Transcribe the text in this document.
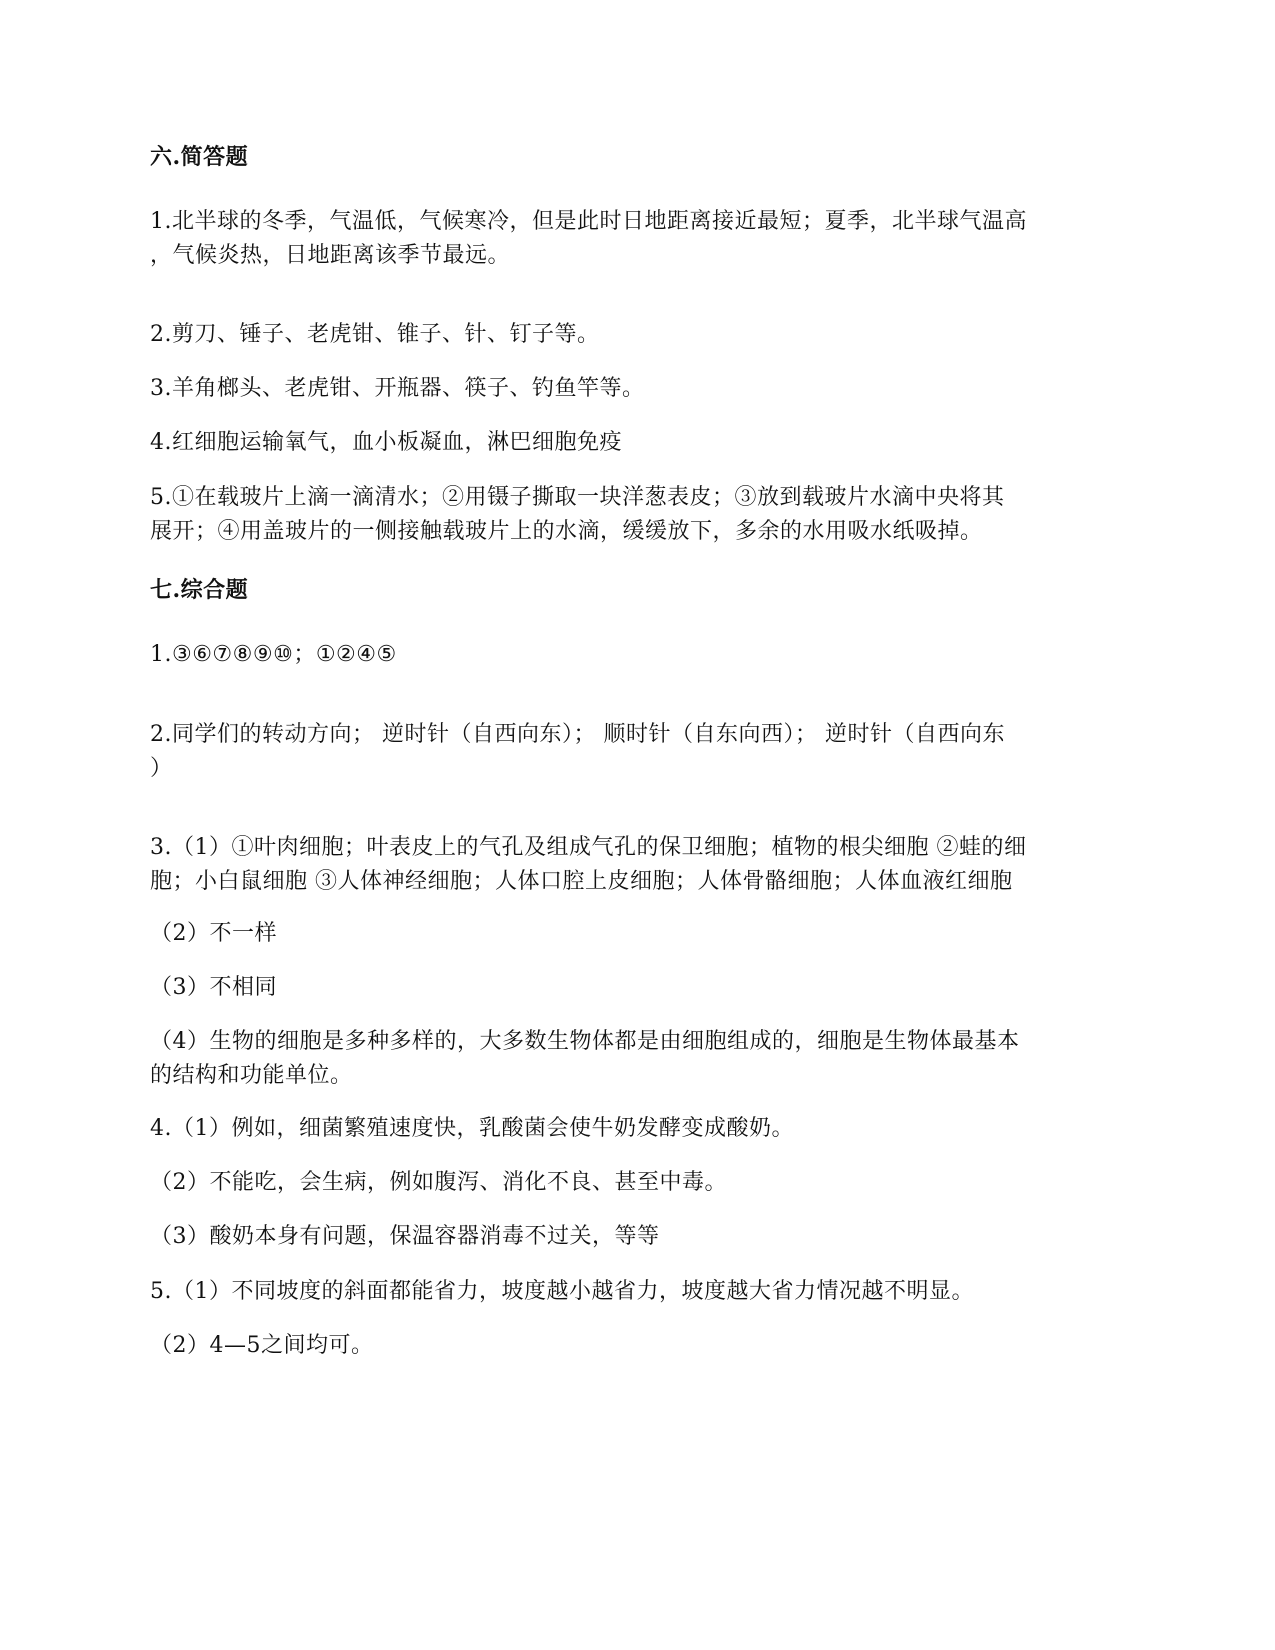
六.简答题
1.北半球的冬季，气温低，气候寒冷，但是此时日地距离接近最短；夏季，北半球气温高
，气候炎热，日地距离该季节最远。
2.剪刀、锤子、老虎钳、锥子、针、钉子等。
3.羊角榔头、老虎钳、开瓶器、筷子、钓鱼竿等。
4.红细胞运输氧气，血小板凝血，淋巴细胞免疫
5.①在载玻片上滴一滴清水；②用镊子撕取一块洋葱表皮；③放到载玻片水滴中央将其
展开；④用盖玻片的一侧接触载玻片上的水滴，缓缓放下，多余的水用吸水纸吸掉。
七.综合题
1.③⑥⑦⑧⑨⑩；①②④⑤
2.同学们的转动方向； 逆时针（自西向东）； 顺时针（自东向西）； 逆时针（自西向东
）
3.（1）①叶肉细胞；叶表皮上的气孔及组成气孔的保卫细胞；植物的根尖细胞 ②蛙的细
胞；小白鼠细胞 ③人体神经细胞；人体口腔上皮细胞；人体骨骼细胞；人体血液红细胞
（2）不一样
（3）不相同
（4）生物的细胞是多种多样的，大多数生物体都是由细胞组成的，细胞是生物体最基本
的结构和功能单位。
4.（1）例如，细菌繁殖速度快，乳酸菌会使牛奶发酵变成酸奶。
（2）不能吃，会生病，例如腹泻、消化不良、甚至中毒。
（3）酸奶本身有问题，保温容器消毒不过关，等等
5.（1）不同坡度的斜面都能省力，坡度越小越省力，坡度越大省力情况越不明显。
（2）4—5之间均可。
